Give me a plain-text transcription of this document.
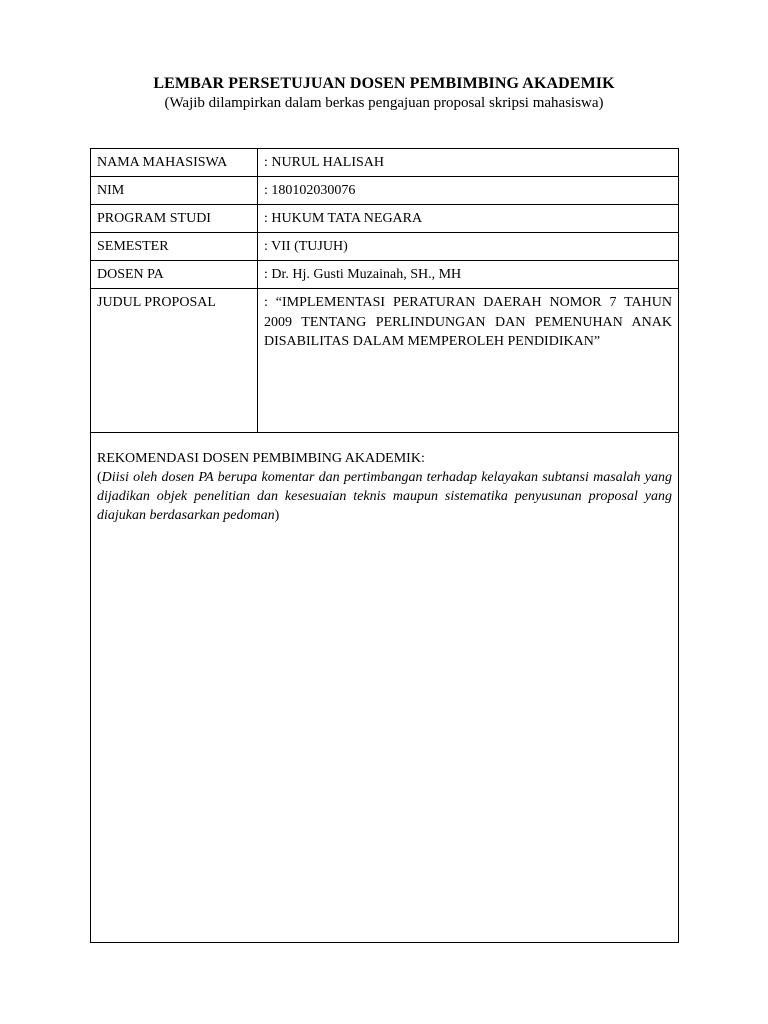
LEMBAR PERSETUJUAN DOSEN PEMBIMBING AKADEMIK
(Wajib dilampirkan dalam berkas pengajuan proposal skripsi mahasiswa)
NAMA MAHASISWA	: NURUL HALISAH
NIM	: 180102030076
PROGRAM STUDI	: HUKUM TATA NEGARA
SEMESTER	: VII (TUJUH)
DOSEN PA	: Dr. Hj. Gusti Muzainah, SH., MH
JUDUL PROPOSAL	: “IMPLEMENTASI PERATURAN DAERAH NOMOR 7 TAHUN 2009 TENTANG PERLINDUNGAN DAN PEMENUHAN ANAK DISABILITAS DALAM MEMPEROLEH PENDIDIKAN”

REKOMENDASI DOSEN PEMBIMBING AKADEMIK:
(Diisi oleh dosen PA berupa komentar dan pertimbangan terhadap kelayakan subtansi masalah yang dijadikan objek penelitian dan kesesuaian teknis maupun sistematika penyusunan proposal yang diajukan berdasarkan pedoman)	
